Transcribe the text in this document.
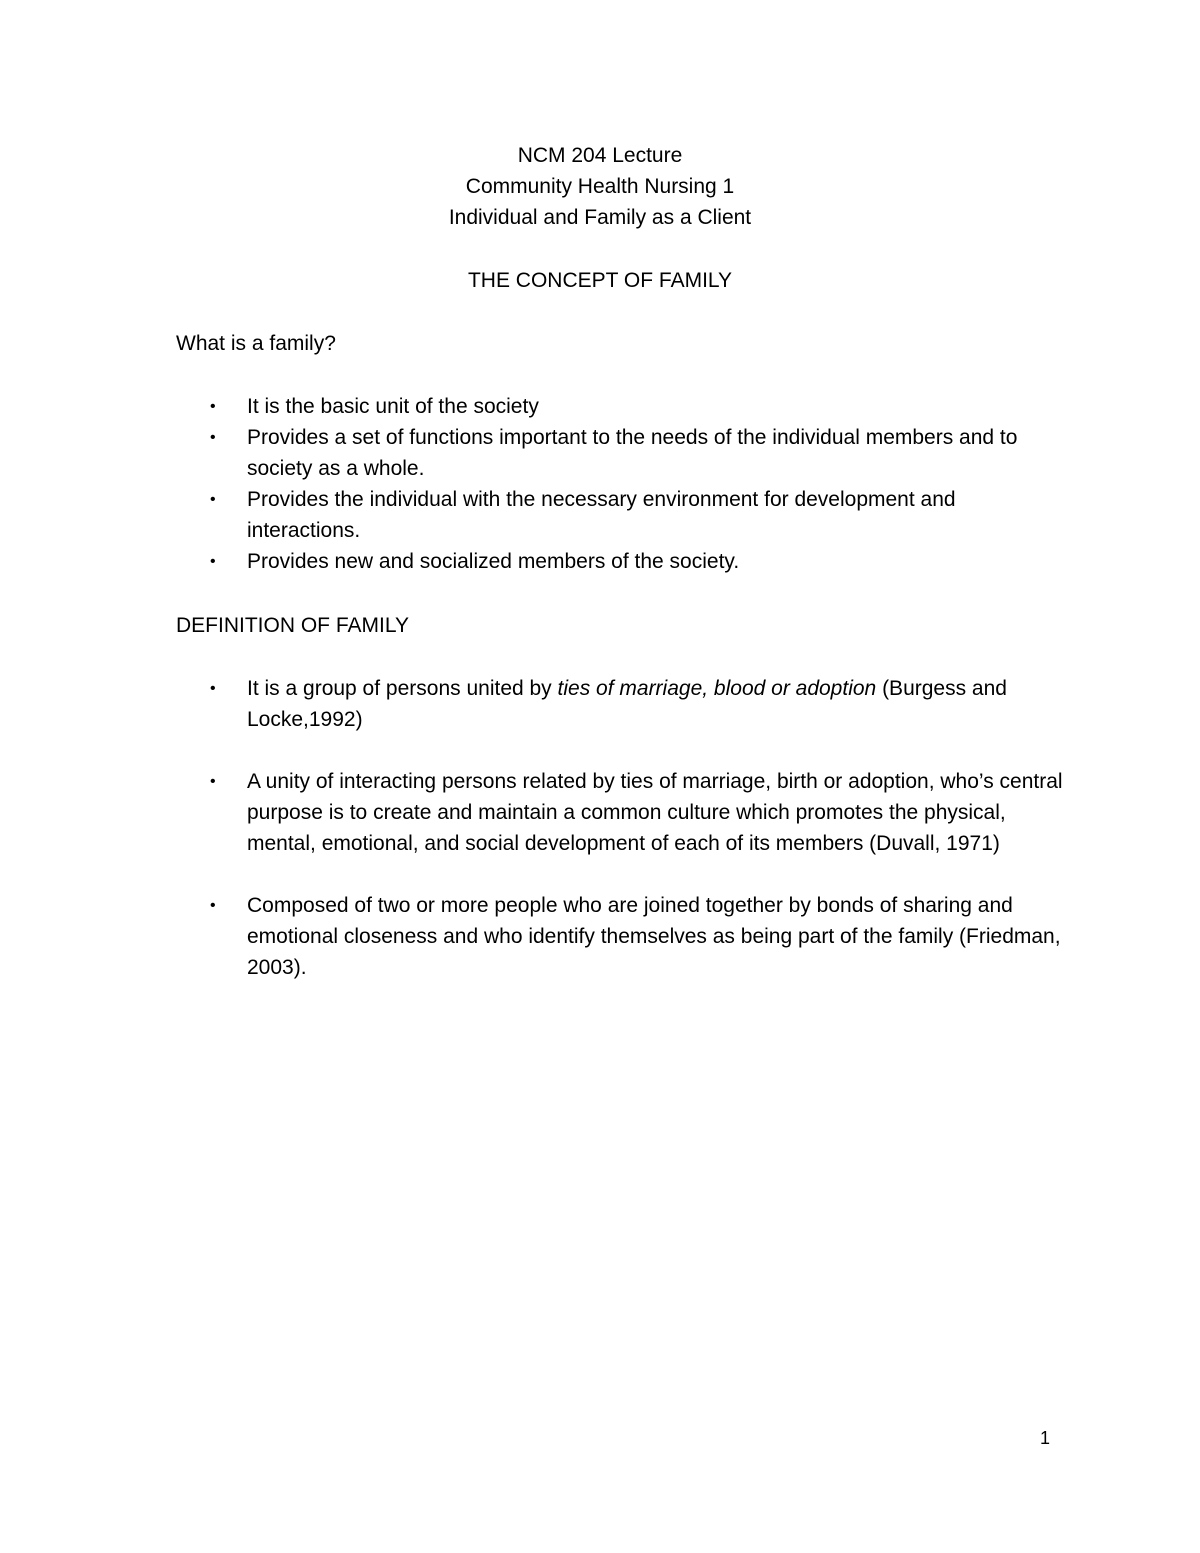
NCM 204 Lecture
Community Health Nursing 1
Individual and Family as a Client
THE CONCEPT OF FAMILY
What is a family?
• It is the basic unit of the society
• Provides a set of functions important to the needs of the individual members and to society as a whole.
• Provides the individual with the necessary environment for development and interactions.
• Provides new and socialized members of the society.
DEFINITION OF FAMILY
• It is a group of persons united by ties of marriage, blood or adoption (Burgess and Locke,1992)
• A unity of interacting persons related by ties of marriage, birth or adoption, who’s central purpose is to create and maintain a common culture which promotes the physical, mental, emotional, and social development of each of its members (Duvall, 1971)
• Composed of two or more people who are joined together by bonds of sharing and emotional closeness and who identify themselves as being part of the family (Friedman, 2003).
1
